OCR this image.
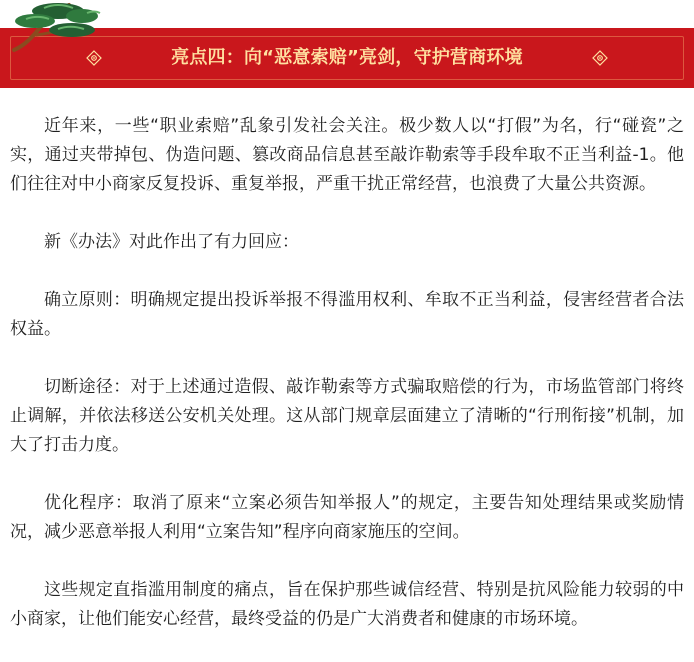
亮点四：向“恶意索赔”亮剑，守护营商环境

近年来，一些“职业索赔”乱象引发社会关注。极少数人以“打假”为名，行“碰瓷”之实，通过夹带掉包、伪造问题、篡改商品信息甚至敲诈勒索等手段牟取不正当利益-1。他们往往对中小商家反复投诉、重复举报，严重干扰正常经营，也浪费了大量公共资源。

新《办法》对此作出了有力回应：

确立原则：明确规定提出投诉举报不得滥用权利、牟取不正当利益，侵害经营者合法权益。

切断途径：对于上述通过造假、敲诈勒索等方式骗取赔偿的行为，市场监管部门将终止调解，并依法移送公安机关处理。这从部门规章层面建立了清晰的“行刑衔接”机制，加大了打击力度。

优化程序：取消了原来“立案必须告知举报人”的规定，主要告知处理结果或奖励情况，减少恶意举报人利用“立案告知”程序向商家施压的空间。

这些规定直指滥用制度的痛点，旨在保护那些诚信经营、特别是抗风险能力较弱的中小商家，让他们能安心经营，最终受益的仍是广大消费者和健康的市场环境。
